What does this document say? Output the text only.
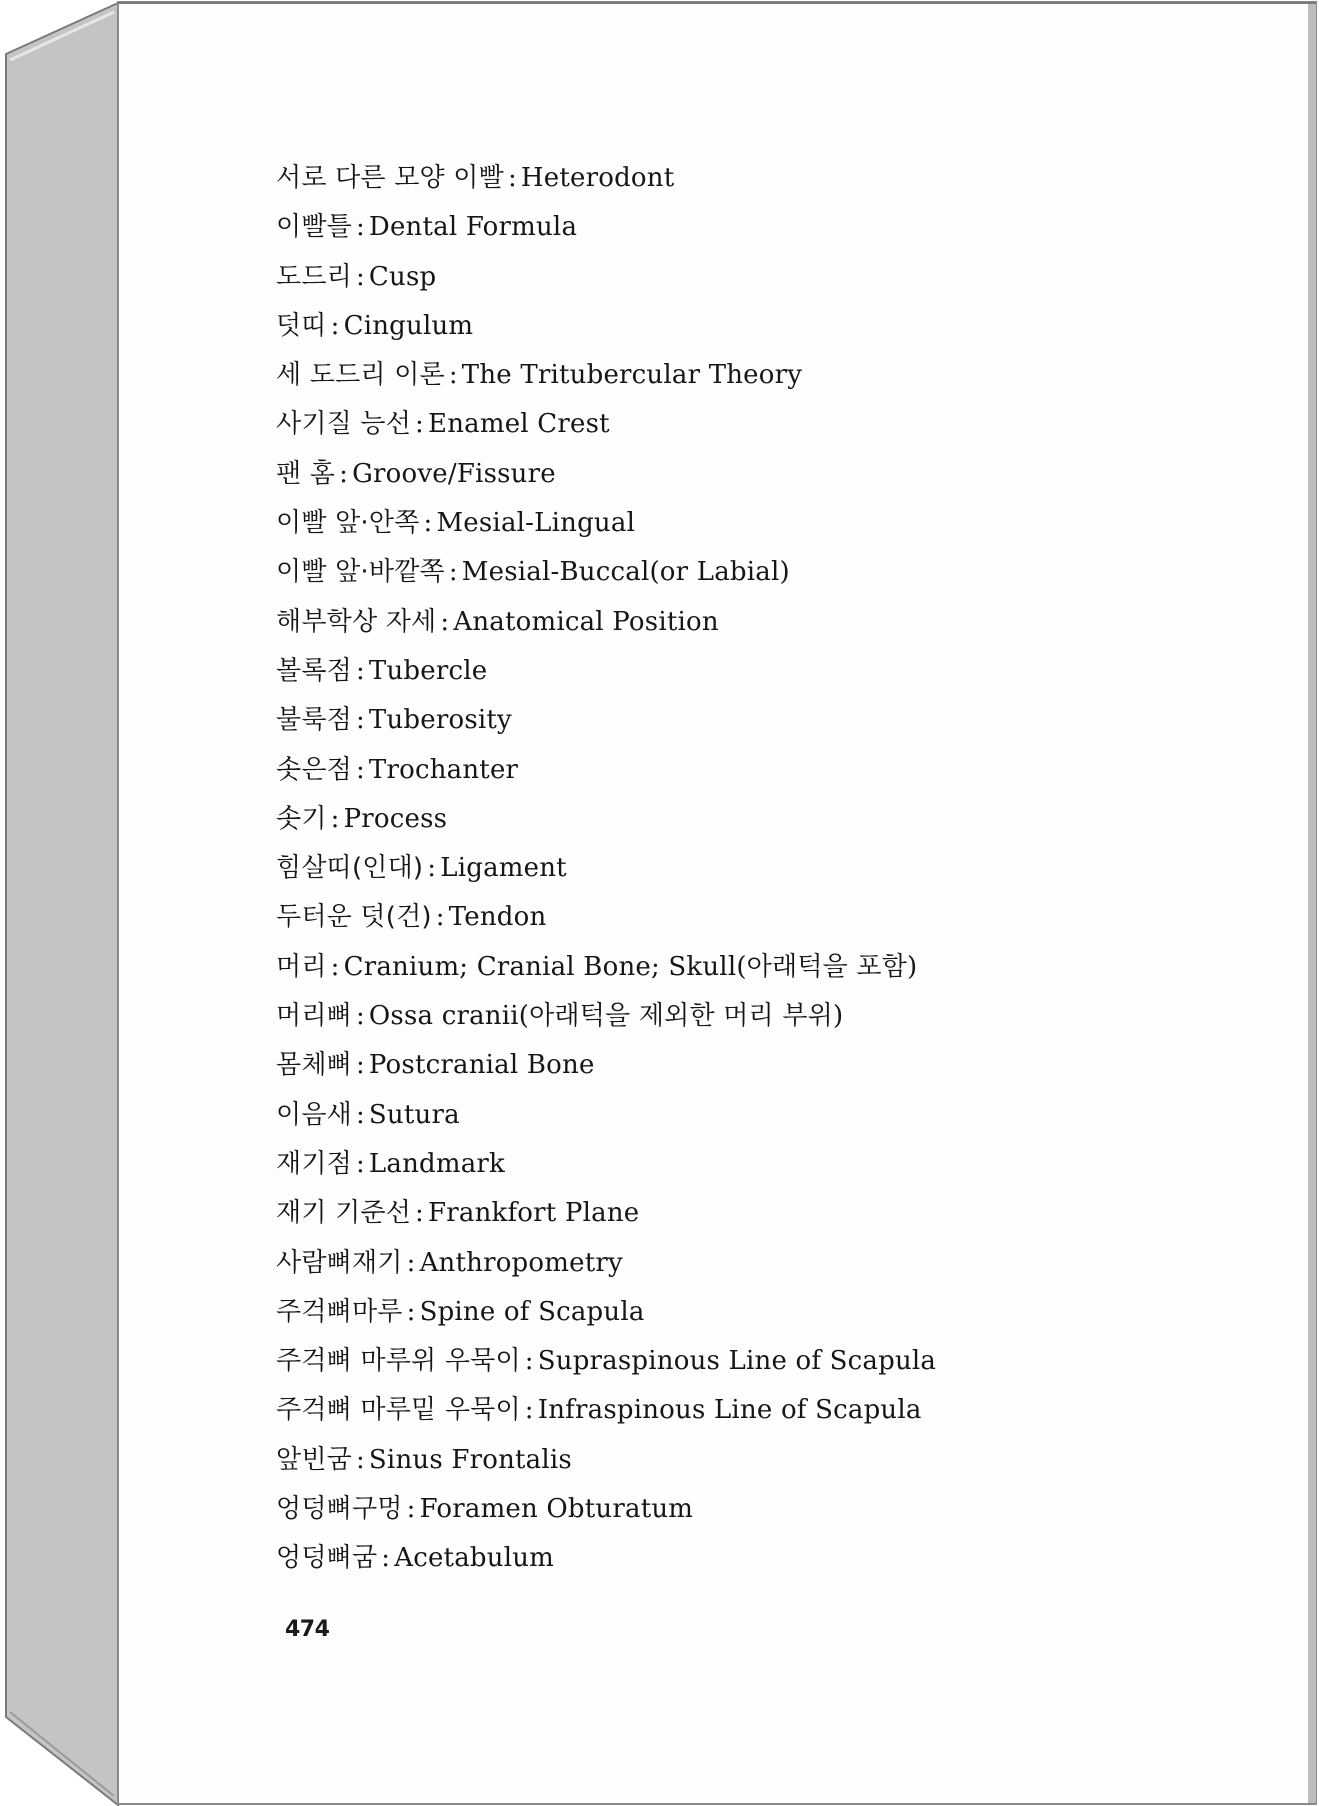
서로 다른 모양 이빨 : Heterodont
이빨틀 : Dental Formula
도드리 : Cusp
덧띠 : Cingulum
세 도드리 이론 : The Tritubercular Theory
사기질 능선 : Enamel Crest
팬 홈 : Groove/Fissure
이빨 앞·안쪽 : Mesial-Lingual
이빨 앞·바깥쪽 : Mesial-Buccal(or Labial)
해부학상 자세 : Anatomical Position
볼록점 : Tubercle
불룩점 : Tuberosity
솟은점 : Trochanter
솟기 : Process
힘살띠(인대) : Ligament
두터운 덧(건) : Tendon
머리 : Cranium; Cranial Bone; Skull(아래턱을 포함)
머리뼈 : Ossa cranii(아래턱을 제외한 머리 부위)
몸체뼈 : Postcranial Bone
이음새 : Sutura
재기점 : Landmark
재기 기준선 : Frankfort Plane
사람뼈재기 : Anthropometry
주걱뼈마루 : Spine of Scapula
주걱뼈 마루위 우묵이 : Supraspinous Line of Scapula
주걱뼈 마루밑 우묵이 : Infraspinous Line of Scapula
앞빈굼 : Sinus Frontalis
엉덩뼈구멍 : Foramen Obturatum
엉덩뼈굼 : Acetabulum
474
